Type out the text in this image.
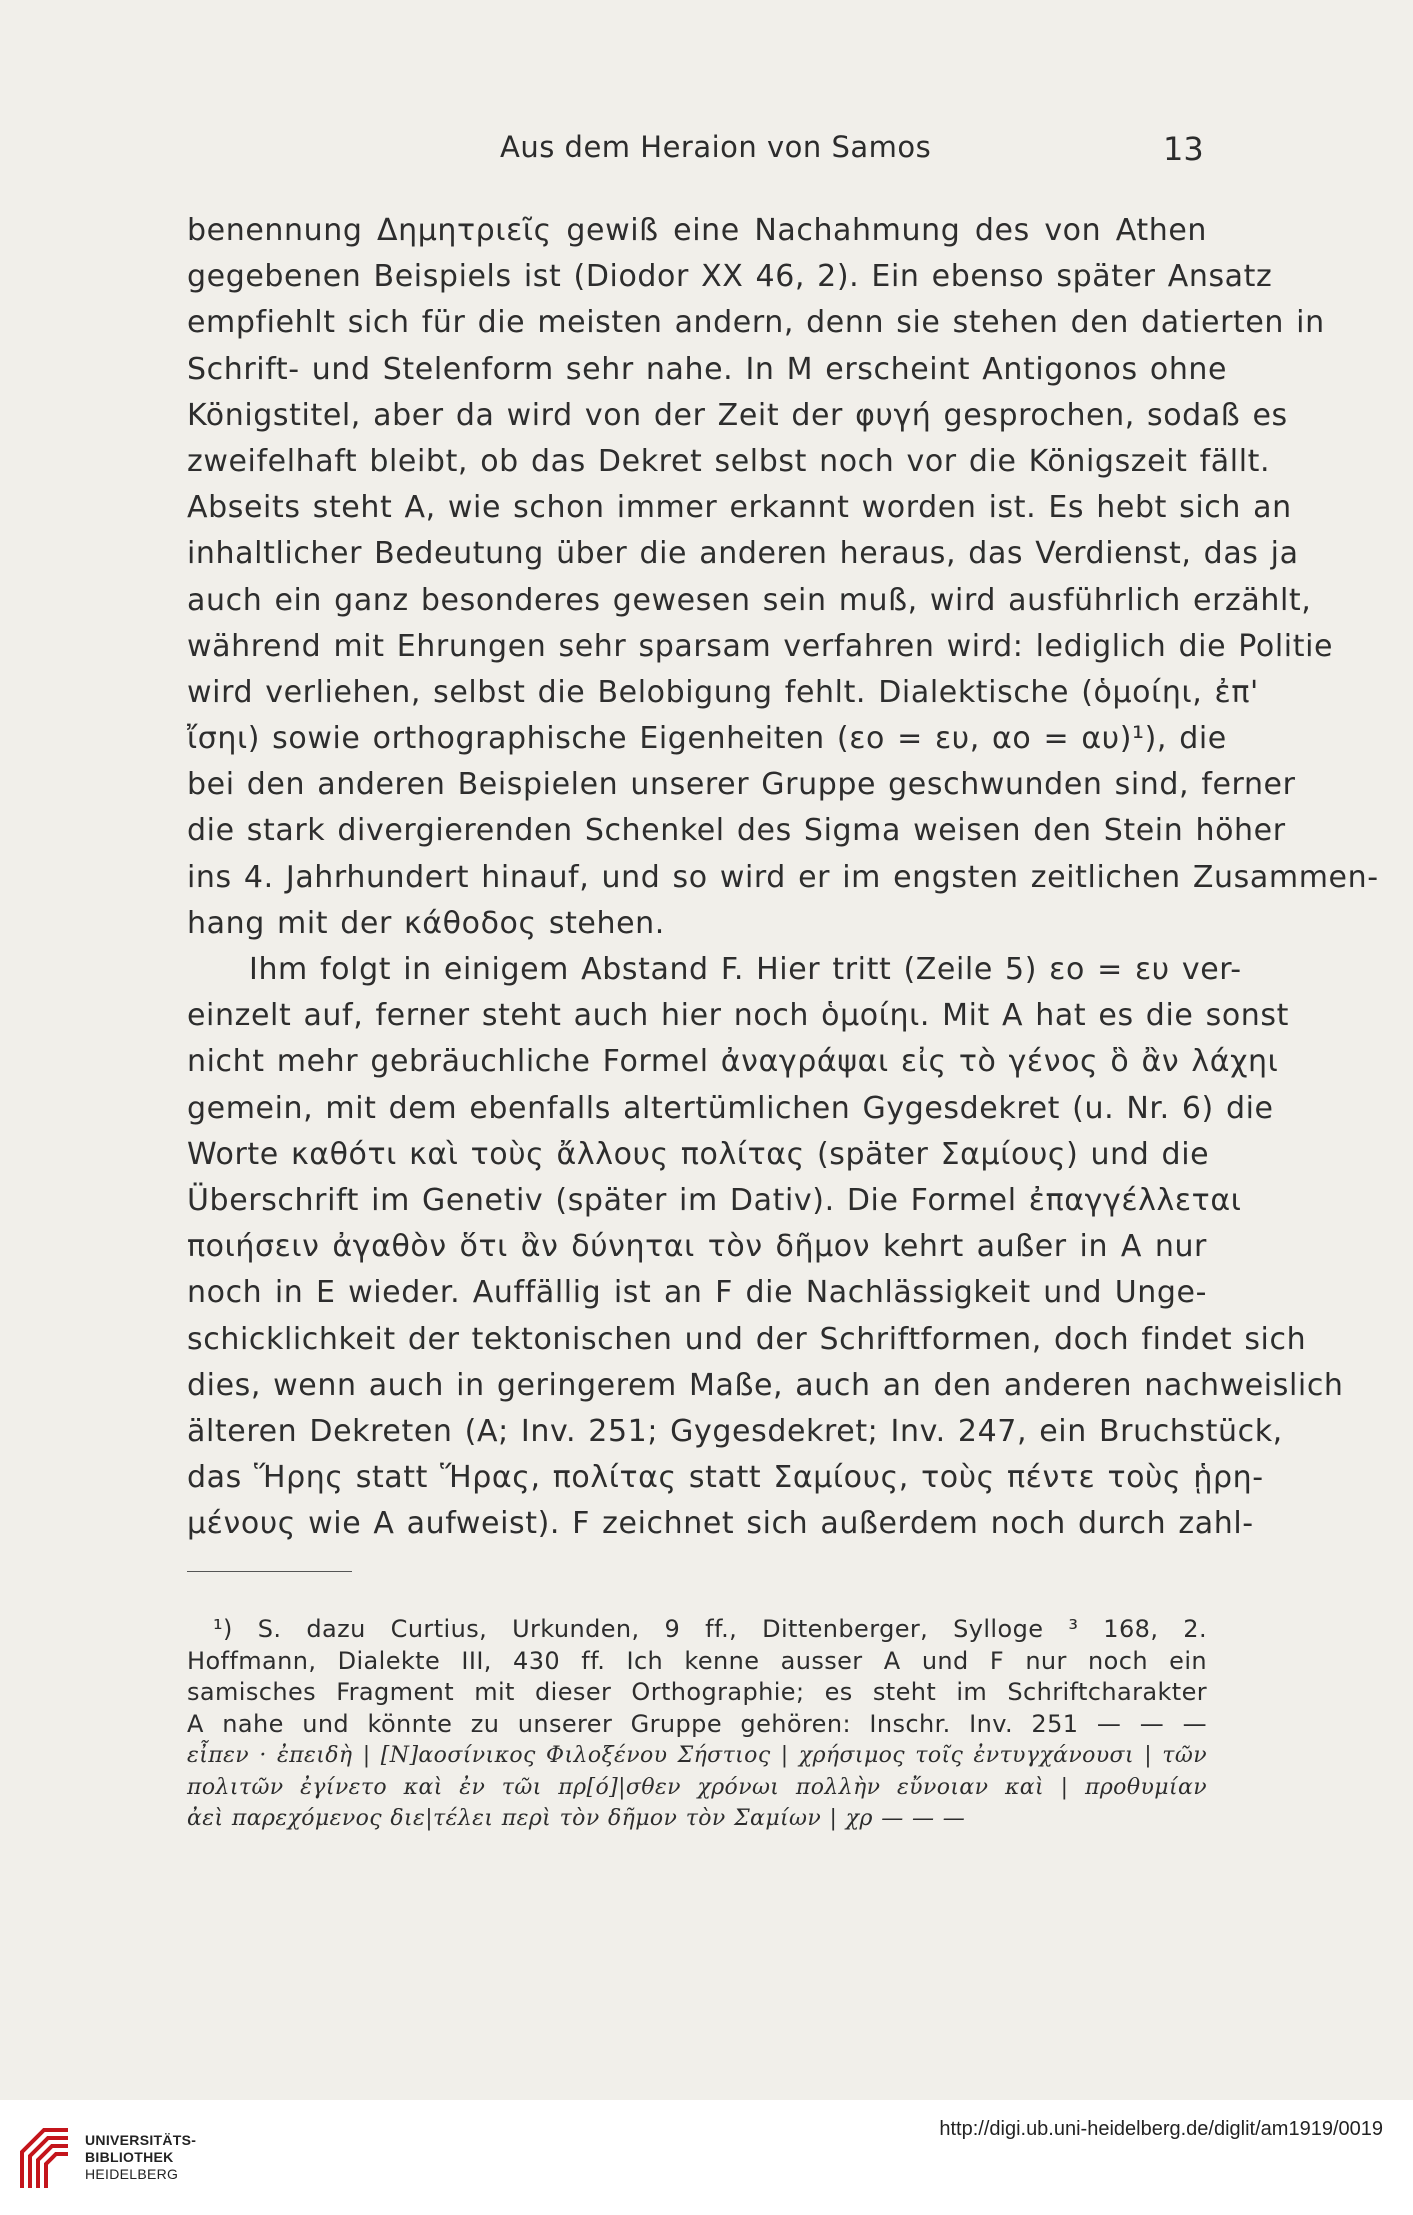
Aus dem Heraion von Samos	13
benennung Δημητριεῖς gewiß eine Nachahmung des von Athen
gegebenen Beispiels ist (Diodor XX 46, 2). Ein ebenso später Ansatz
empfiehlt sich für die meisten andern, denn sie stehen den datierten in
Schrift- und Stelenform sehr nahe. In M erscheint Antigonos ohne
Königstitel, aber da wird von der Zeit der φυγή gesprochen, sodaß es
zweifelhaft bleibt, ob das Dekret selbst noch vor die Königszeit fällt.
Abseits steht A, wie schon immer erkannt worden ist. Es hebt sich an
inhaltlicher Bedeutung über die anderen heraus, das Verdienst, das ja
auch ein ganz besonderes gewesen sein muß, wird ausführlich erzählt,
während mit Ehrungen sehr sparsam verfahren wird: lediglich die Politie
wird verliehen, selbst die Belobigung fehlt. Dialektische (ὁμοίηι, ἐπ'
ἴσηι) sowie orthographische Eigenheiten (εο = ευ, αο = αυ)¹), die
bei den anderen Beispielen unserer Gruppe geschwunden sind, ferner
die stark divergierenden Schenkel des Sigma weisen den Stein höher
ins 4. Jahrhundert hinauf, und so wird er im engsten zeitlichen Zusammen-
hang mit der κάθοδος stehen.
Ihm folgt in einigem Abstand F. Hier tritt (Zeile 5) εο = ευ ver-
einzelt auf, ferner steht auch hier noch ὁμοίηι. Mit A hat es die sonst
nicht mehr gebräuchliche Formel ἀναγράψαι εἰς τὸ γένος ὃ ἂν λάχηι
gemein, mit dem ebenfalls altertümlichen Gygesdekret (u. Nr. 6) die
Worte καθότι καὶ τοὺς ἄλλους πολίτας (später Σαμίους) und die
Überschrift im Genetiv (später im Dativ). Die Formel ἐπαγγέλλεται
ποιήσειν ἀγαθὸν ὅτι ἂν δύνηται τὸν δῆμον kehrt außer in A nur
noch in E wieder. Auffällig ist an F die Nachlässigkeit und Unge-
schicklichkeit der tektonischen und der Schriftformen, doch findet sich
dies, wenn auch in geringerem Maße, auch an den anderen nachweislich
älteren Dekreten (A; Inv. 251; Gygesdekret; Inv. 247, ein Bruchstück,
das Ἥρης statt Ἥρας, πολίτας statt Σαμίους, τοὺς πέντε τοὺς ᾑρη-
μένους wie A aufweist). F zeichnet sich außerdem noch durch zahl-
¹) S. dazu Curtius, Urkunden, 9 ff., Dittenberger, Sylloge ³ 168, 2.
Hoffmann, Dialekte III, 430 ff. Ich kenne ausser A und F nur noch ein
samisches Fragment mit dieser Orthographie; es steht im Schriftcharakter
A nahe und könnte zu unserer Gruppe gehören: Inschr. Inv. 251 — — —
εἶπεν · ἐπειδὴ | [Ν]αοσίνικος Φιλοξένου Σήστιος | χρήσιμος τοῖς ἐντυγχάνουσι | τῶν
πολιτῶν ἐγίνετο καὶ ἐν τῶι πρ[ό]|σθεν χρόνωι πολλὴν εὔνοιαν καὶ | προθυμίαν
ἀεὶ παρεχόμενος διε|τέλει περὶ τὸν δῆμον τὸν Σαμίων | χρ — — —
UNIVERSITÄTS-
BIBLIOTHEK
HEIDELBERG
http://digi.ub.uni-heidelberg.de/diglit/am1919/0019
